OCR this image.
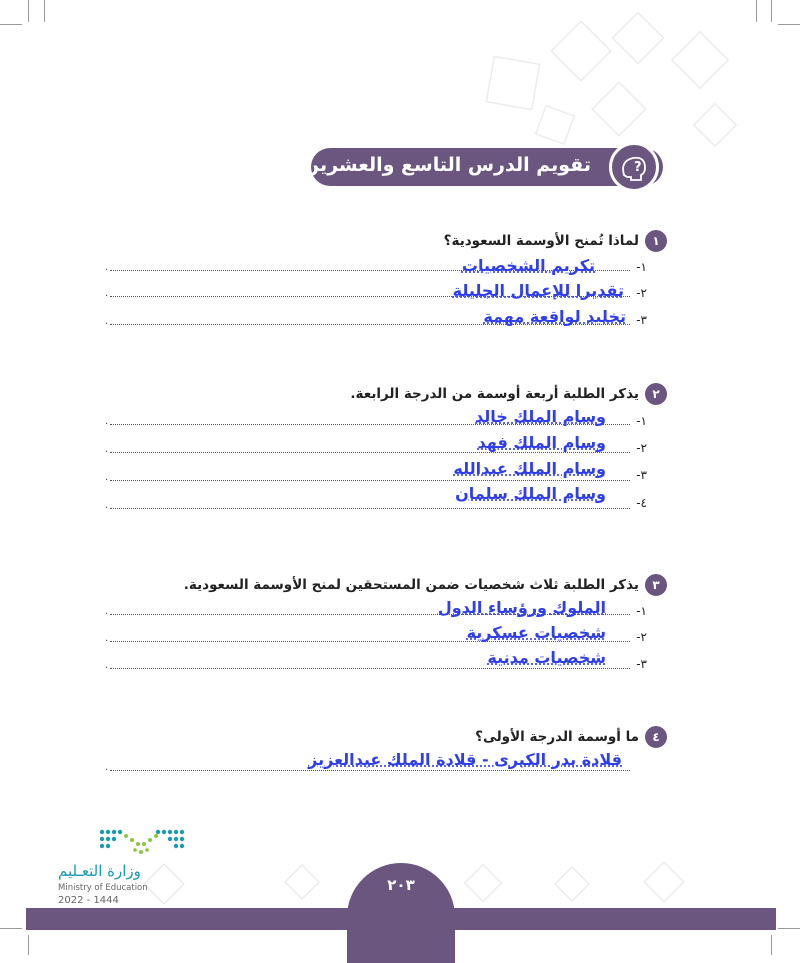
تقويم الدرس التاسع والعشرين	?
١
لماذا تُمنح الأوسمة السعودية؟
تكريم الشخصيات	١-
.
تقديرا للإعمال الجليلة ٢-
.
تخليد لواقعة مهمة ٣-
.
٢
يذكر الطلبة أربعة أوسمة من الدرجة الرابعة.
وسام الملك خالد	١-
.
وسام الملك فهد	٢-
.
وسام الملك عبدالله	٣-
.
وسام الملك سلمان	٤-
.
٣
يذكر الطلبة ثلاث شخصيات ضمن المستحقين لمنح الأوسمة السعودية.
الملوك ورؤساء الدول	١-
.
شخصيات عسكرية	٢-
.
شخصيات مدنية	٣-
.
٤
ما أوسمة الدرجة الأولى؟
قلادة بدر الكبرى - قلادة الملك عبدالعزيز
.
وزارة التعـليم
Ministry of Education
2022 - 1444
٢٠٣
